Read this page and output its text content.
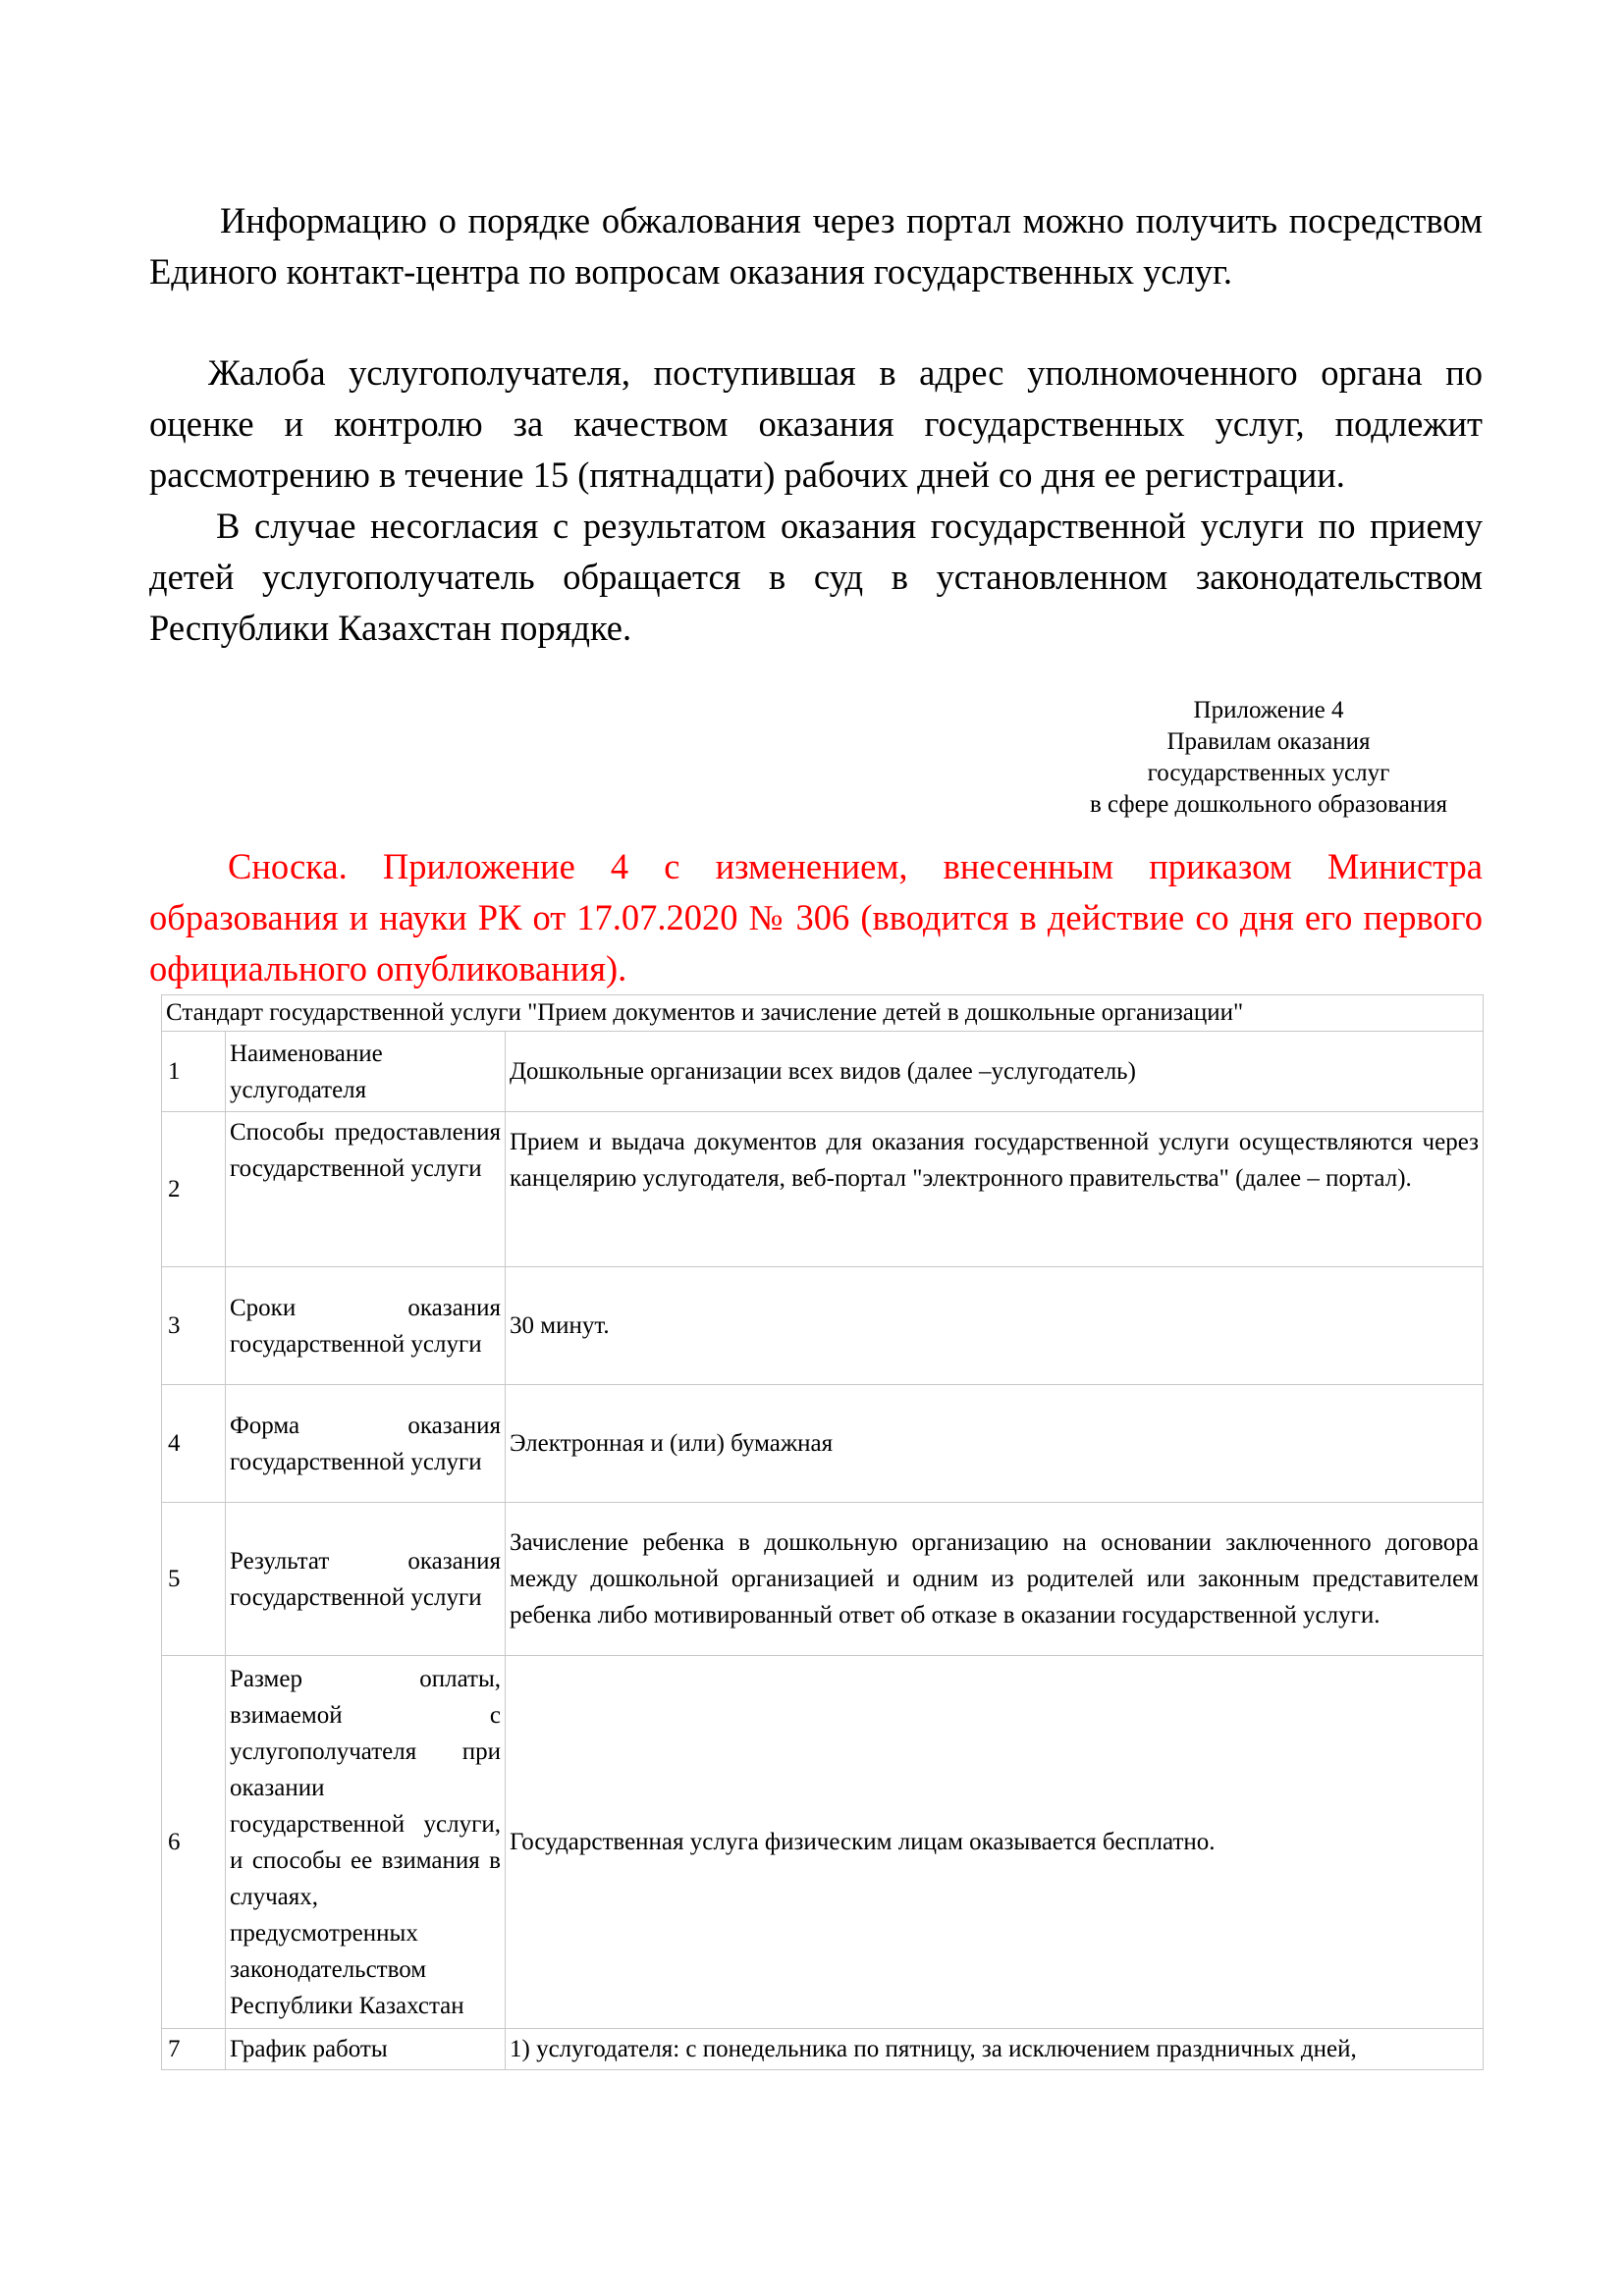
Информацию о порядке обжалования через портал можно получить посредством Единого контакт-центра по вопросам оказания государственных услуг.

Жалоба услугополучателя, поступившая в адрес уполномоченного органа по оценке и контролю за качеством оказания государственных услуг, подлежит рассмотрению в течение 15 (пятнадцати) рабочих дней со дня ее регистрации.

В случае несогласия с результатом оказания государственной услуги по приему детей услугополучатель обращается в суд в установленном законодательством Республики Казахстан порядке.

Приложение 4
Правилам оказания
государственных услуг
в сфере дошкольного образования

Сноска. Приложение 4 с изменением, внесенным приказом Министра образования и науки РК от 17.07.2020 № 306 (вводится в действие со дня его первого официального опубликования).

Стандарт государственной услуги "Прием документов и зачисление детей в дошкольные организации"		
1	Наименование услугодателя	Дошкольные организации всех видов (далее –услугодатель)
2	Способы предоставления государственной услуги	Прием и выдача документов для оказания государственной услуги осуществляются через канцелярию услугодателя, веб-портал "электронного правительства" (далее – портал).
3	Сроки оказания государственной услуги	30 минут.
4	Форма оказания государственной услуги	Электронная и (или) бумажная
5	Результат оказания государственной услуги	Зачисление ребенка в дошкольную организацию на основании заключенного договора между дошкольной организацией и одним из родителей или законным представителем ребенка либо мотивированный ответ об отказе в оказании государственной услуги.
6	Размер оплаты, взимаемой с услугополучателя при оказании государственной услуги, и способы ее взимания в случаях, предусмотренных законодательством Республики Казахстан	Государственная услуга физическим лицам оказывается бесплатно.
7	График работы	1) услугодателя: с понедельника по пятницу, за исключением праздничных дней,
